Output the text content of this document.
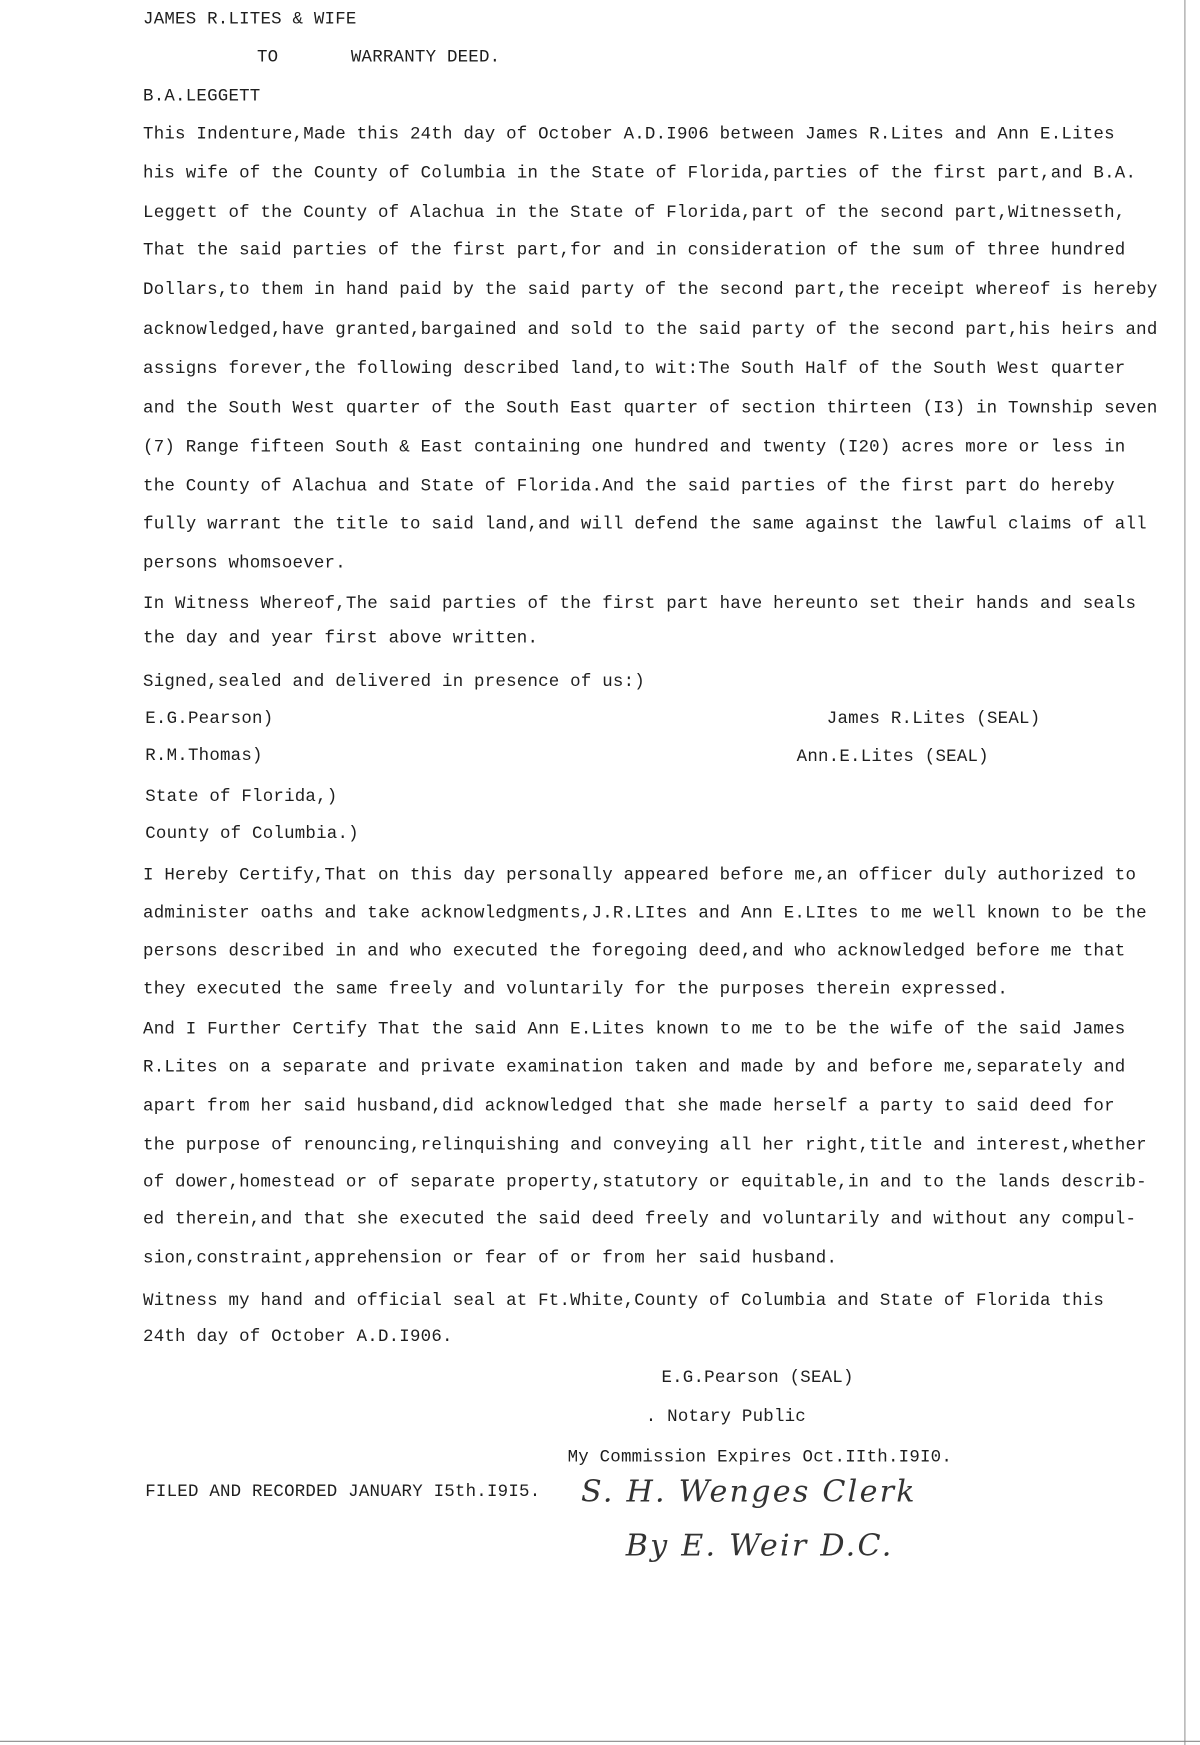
JAMES R.LITES & WIFE
TO	WARRANTY DEED.
B.A.LEGGETT
This Indenture,Made this 24th day of October A.D.I906 between James R.Lites and Ann E.Lites
his wife of the County of Columbia in the State of Florida,parties of the first part,and B.A.
Leggett of the County of Alachua in the State of Florida,part of the second part,Witnesseth,
That the said parties of the first part,for and in consideration of the sum of three hundred
Dollars,to them in hand paid by the said party of the second part,the receipt whereof is hereby
acknowledged,have granted,bargained and sold to the said party of the second part,his heirs and
assigns forever,the following described land,to wit:The South Half of the South West quarter
and the South West quarter of the South East quarter of section thirteen (I3) in Township seven
(7) Range fifteen South & East containing one hundred and twenty (I20) acres more or less in
the County of Alachua and State of Florida.And the said parties of the first part do hereby
fully warrant the title to said land,and will defend the same against the lawful claims of all
persons whomsoever.
In Witness Whereof,The said parties of the first part have hereunto set their hands and seals
the day and year first above written.
Signed,sealed and delivered in presence of us:)
E.G.Pearson)
R.M.Thomas)
James R.Lites (SEAL)
Ann.E.Lites (SEAL)
State of Florida,)
County of Columbia.)
I Hereby Certify,That on this day personally appeared before me,an officer duly authorized to
administer oaths and take acknowledgments,J.R.LItes and Ann E.LItes to me well known to be the
persons described in and who executed the foregoing deed,and who acknowledged before me that
they executed the same freely and voluntarily for the purposes therein expressed.
And I Further Certify That the said Ann E.Lites known to me to be the wife of the said James
R.Lites on a separate and private examination taken and made by and before me,separately and
apart from her said husband,did acknowledged that she made herself a party to said deed for
the purpose of renouncing,relinquishing and conveying all her right,title and interest,whether
of dower,homestead or of separate property,statutory or equitable,in and to the lands describ-
ed therein,and that she executed the said deed freely and voluntarily and without any compul-
sion,constraint,apprehension or fear of or from her said husband.
Witness my hand and official seal at Ft.White,County of Columbia and State of Florida this
24th day of October A.D.I906.
E.G.Pearson (SEAL)
. Notary Public
My Commission Expires Oct.IIth.I9I0.
FILED AND RECORDED JANUARY I5th.I9I5. S. H. Wenges Clerk
By E. Weir D.C.
